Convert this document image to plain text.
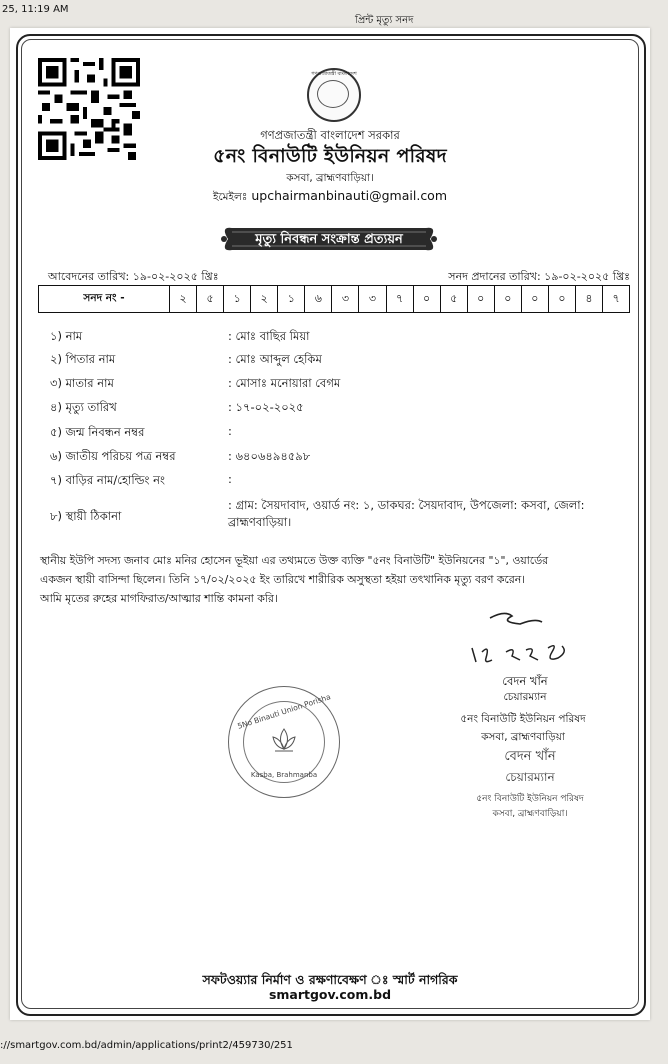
25, 11:19 AM
প্রিন্ট মৃত্যু সনদ
গণপ্রজাতন্ত্রী বাংলাদেশ
গণপ্রজাতন্ত্রী বাংলাদেশ সরকার
৫নং বিনাউটি ইউনিয়ন পরিষদ
কসবা, ব্রাহ্মণবাড়িয়া।
ইমেইলঃ upchairmanbinauti@gmail.com
মৃত্যু নিবন্ধন সংক্রান্ত প্রত্যয়ন
আবেদনের তারিখ: ১৯-০২-২০২৫ খ্রিঃ	সনদ প্রদানের তারিখ: ১৯-০২-২০২৫ খ্রিঃ
সনদ নং -	২	৫	১	২	১	৬	৩	৩	৭	০	৫	০	০	০	০	৪	৭
১) নাম	: মোঃ বাছির মিয়া
২) পিতার নাম	: মোঃ আব্দুল হেকিম
৩) মাতার নাম	: মোসাঃ মনোয়ারা বেগম
৪) মৃত্যু তারিখ	: ১৭-০২-২০২৫
৫) জন্ম নিবন্ধন নম্বর	:
৬) জাতীয় পরিচয় পত্র নম্বর	: ৬৪০৬৪৯৪৫৯৮
৭) বাড়ির নাম/হোল্ডিং নং	:
৮) স্থায়ী ঠিকানা
: গ্রাম: সৈয়দাবাদ, ওয়ার্ড নং: ১, ডাকঘর: সৈয়দাবাদ, উপজেলা: কসবা, জেলা: ব্রাহ্মণবাড়িয়া।
স্থানীয় ইউপি সদস্য জনাব মোঃ মনির হোসেন ভূইয়া এর তথ্যমতে উক্ত ব্যক্তি "৫নং বিনাউটি" ইউনিয়নের "১", ওয়ার্ডের
একজন স্থায়ী বাসিন্দা ছিলেন। তিনি ১৭/০২/২০২৫ ইং তারিখে শারীরিক অসুস্থতা হইয়া তৎখানিক মৃত্যু বরণ করেন।
আমি মৃতের রুহের মাগফিরাত/আত্মার শান্তি কামনা করি।
বেদন খাঁন
চেয়ারম্যান
৫নং বিনাউটি ইউনিয়ন পরিষদ
কসবা, ব্রাহ্মণবাড়িয়া
5No Binauti Union Porisha
Kasba, Brahmanba
বেদন খাঁন
চেয়ারম্যান
৫নং বিনাউটি ইউনিয়ন পরিষদ
কসবা, ব্রাহ্মণবাড়িয়া।
সফটওয়্যার নির্মাণ ও রক্ষণাবেক্ষণ ঃ স্মার্ট নাগরিক
smartgov.com.bd
://smartgov.com.bd/admin/applications/print2/459730/251
